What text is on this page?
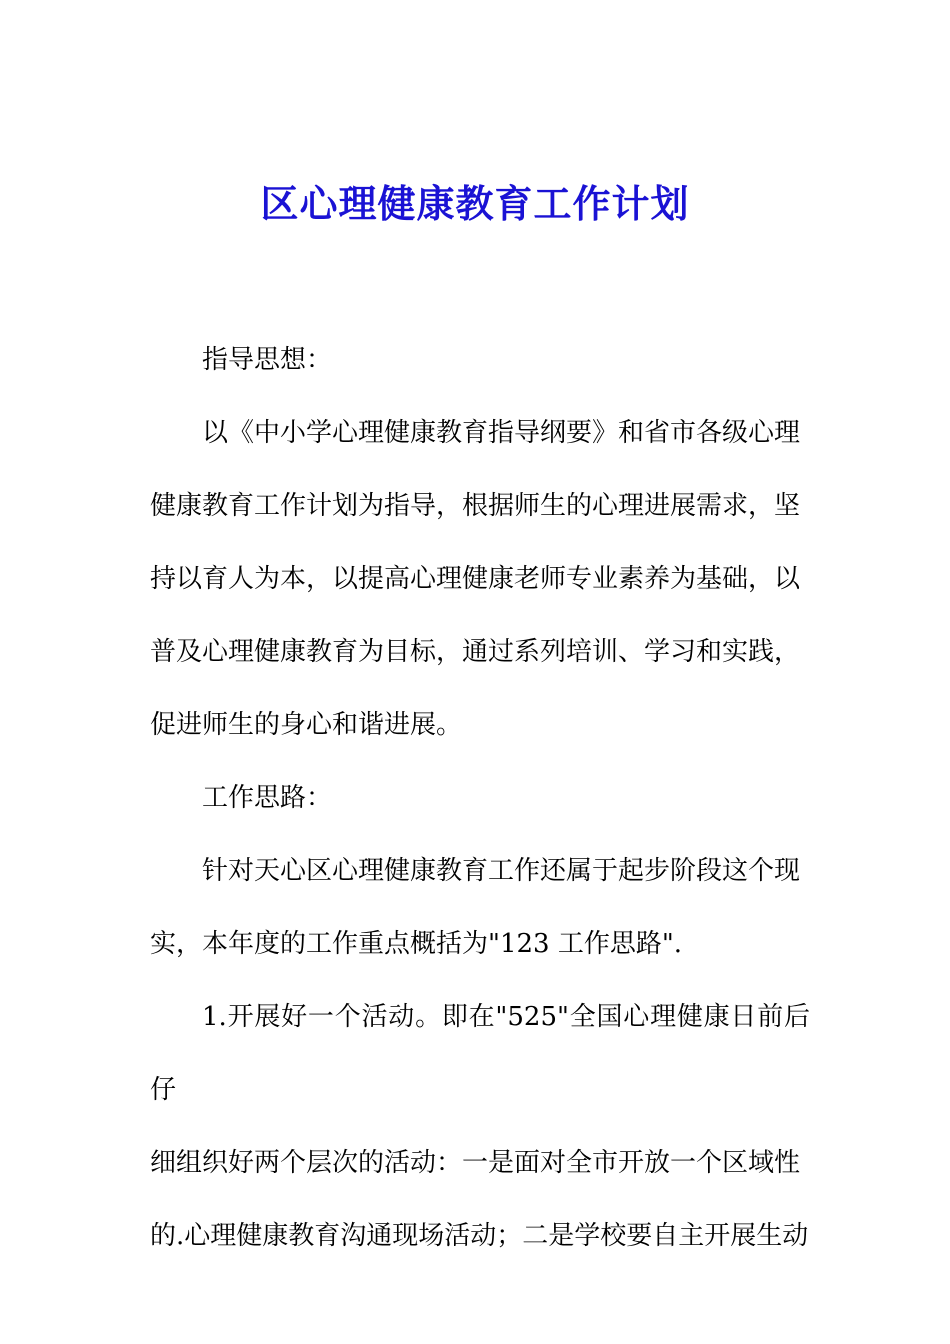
区心理健康教育工作计划

指导思想：

以《中小学心理健康教育指导纲要》和省市各级心理
健康教育工作计划为指导，根据师生的心理进展需求，坚
持以育人为本，以提高心理健康老师专业素养为基础，以
普及心理健康教育为目标，通过系列培训、学习和实践，
促进师生的身心和谐进展。

工作思路：

针对天心区心理健康教育工作还属于起步阶段这个现
实，本年度的工作重点概括为"123 工作思路".

1.开展好一个活动。即在"525"全国心理健康日前后仔
细组织好两个层次的活动：一是面对全市开放一个区域性
的.心理健康教育沟通现场活动；二是学校要自主开展生动
